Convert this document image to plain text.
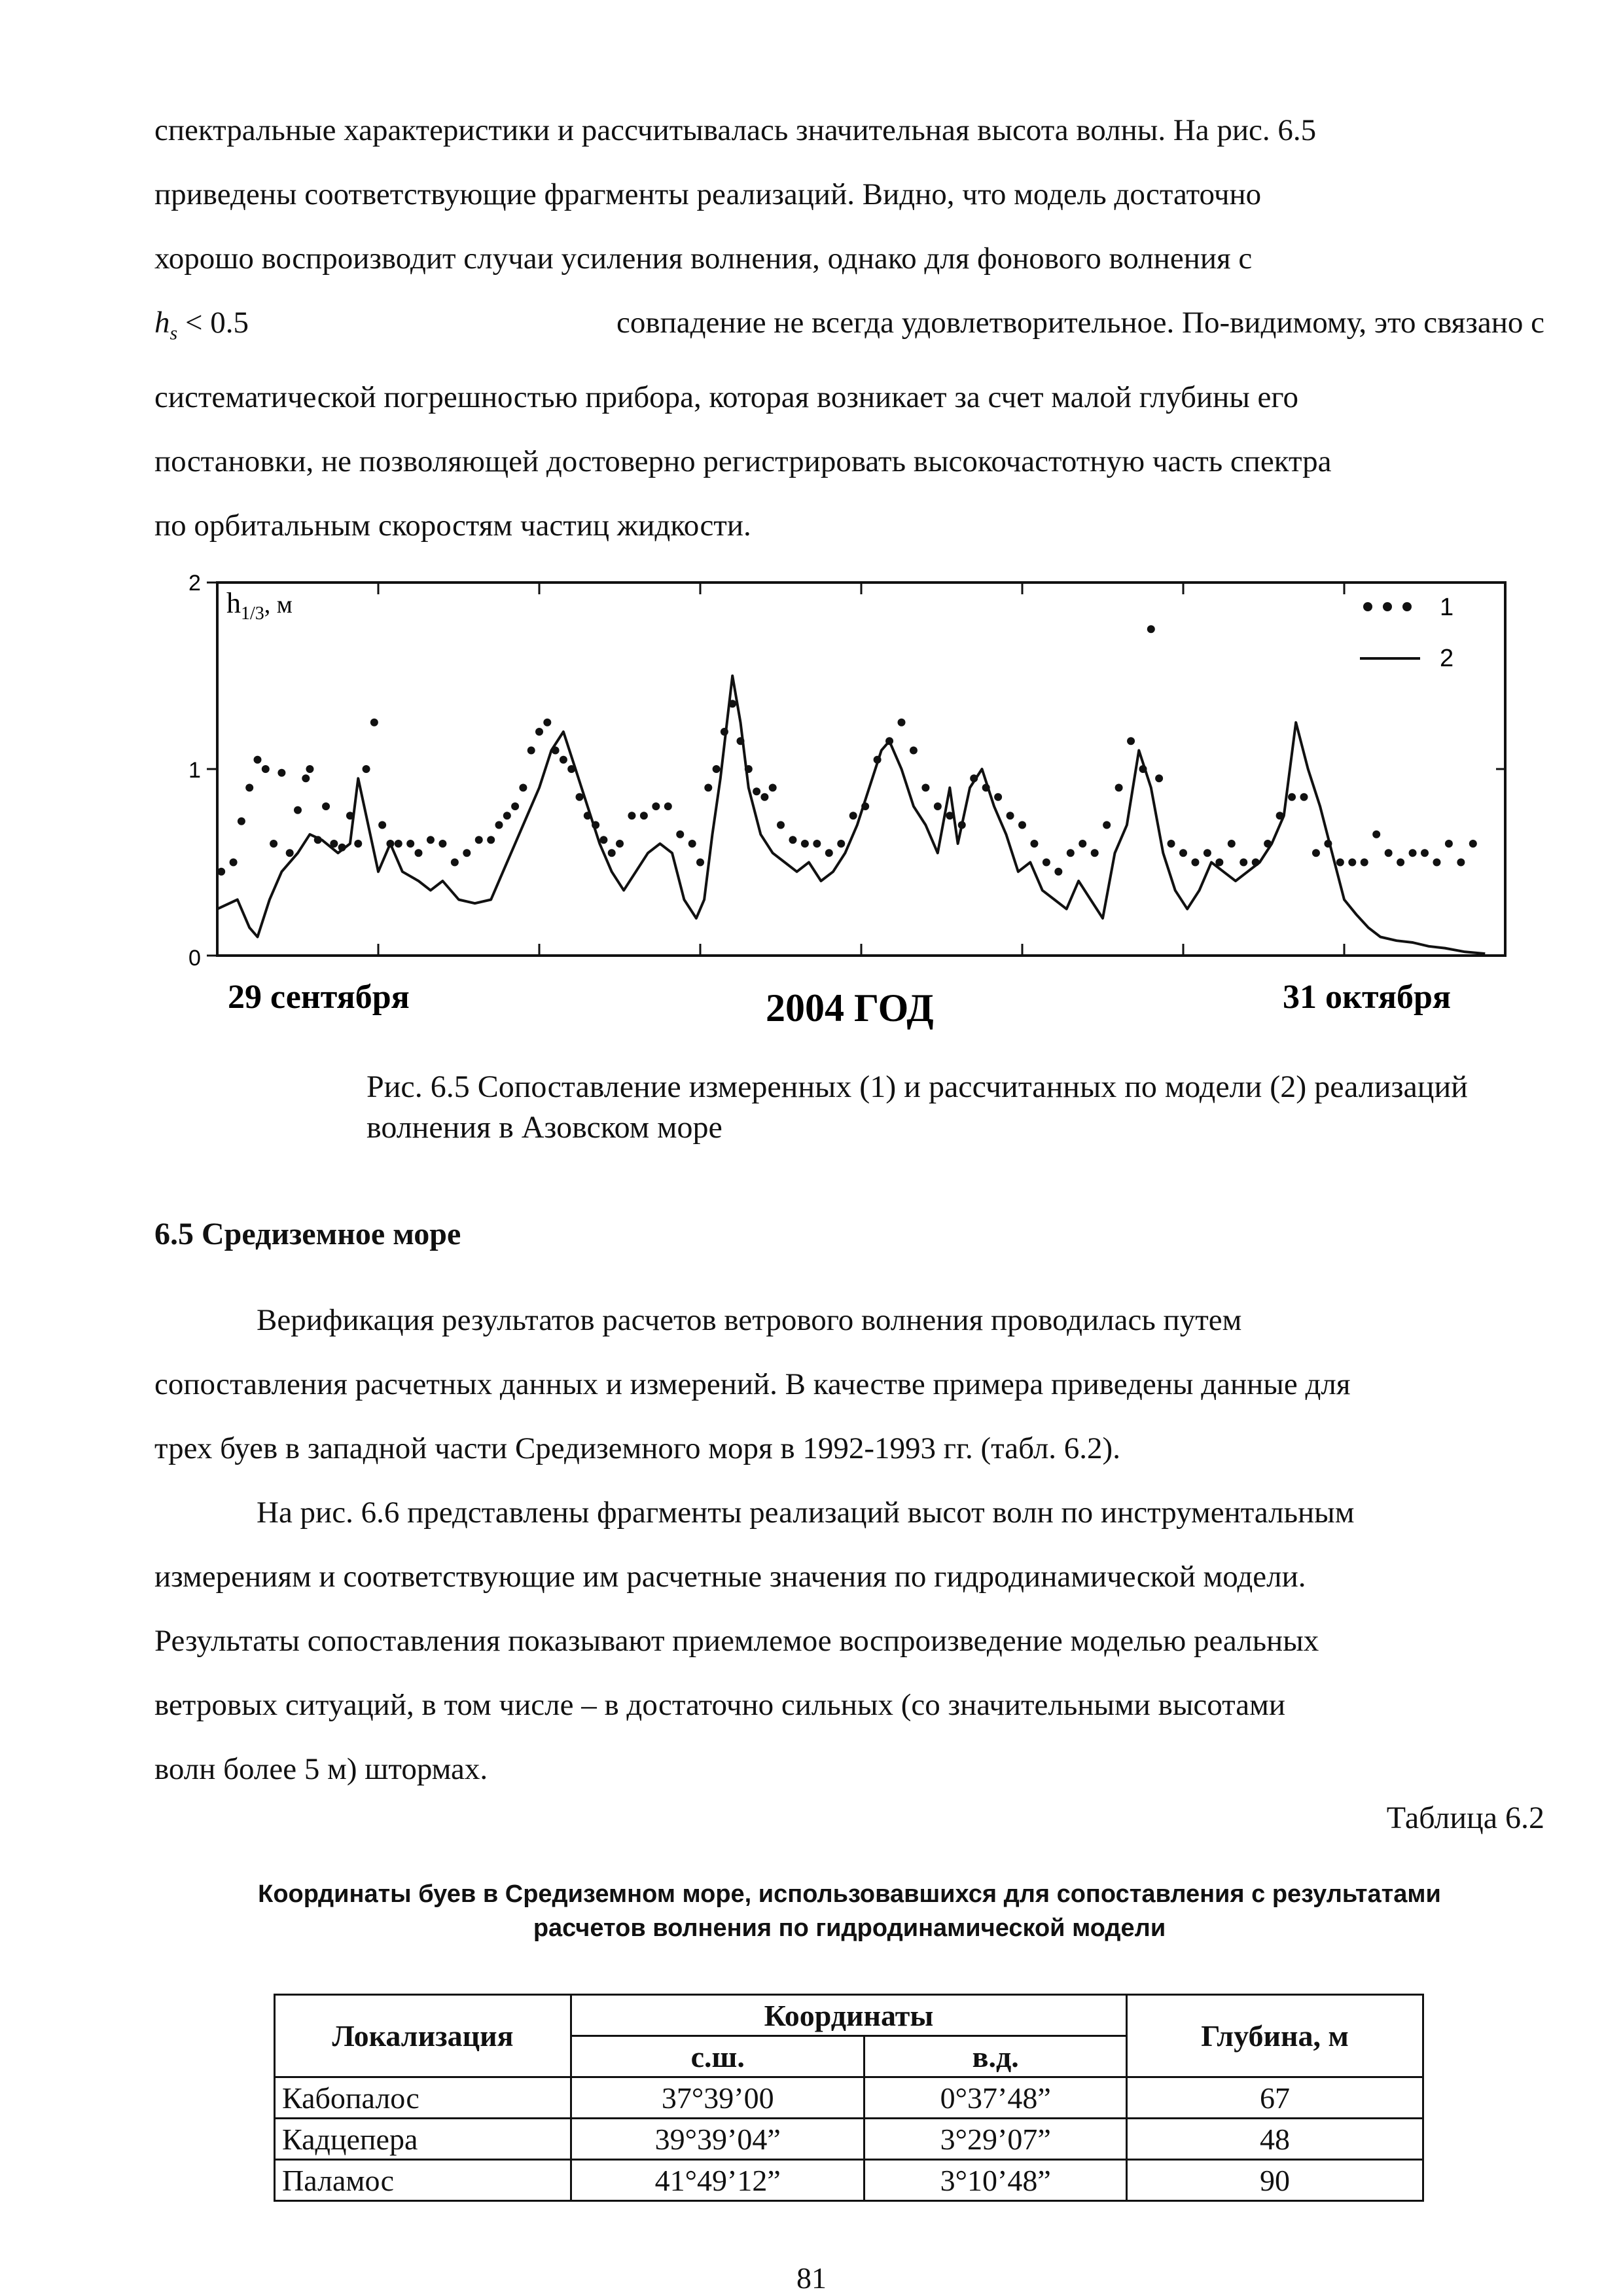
спектральные характеристики и рассчитывалась значительная высота волны. На рис. 6.5
приведены соответствующие фрагменты реализаций. Видно, что модель достаточно
хорошо воспроизводит случаи усиления волнения, однако для фонового волнения с
$h_s < 0.5$	совпадение не всегда удовлетворительное. По-видимому, это связано с
систематической погрешностью прибора, которая возникает за счет малой глубины его
постановки, не позволяющей достоверно регистрировать высокочастотную часть спектра
по орбитальным скоростям частиц жидкости.
2
1
0
$h_{1/3}$, м	1
2
29 сентября	2004 ГОД	31 октября
Рис. 6.5 Сопоставление измеренных (1) и рассчитанных по модели (2) реализаций
волнения в Азовском море
6.5 Средиземное море
Верификация результатов расчетов ветрового волнения проводилась путем
сопоставления расчетных данных и измерений. В качестве примера приведены данные для
трех буев в западной части Средиземного моря в 1992-1993 гг. (табл. 6.2).
На рис. 6.6 представлены фрагменты реализаций высот волн по инструментальным
измерениям и соответствующие им расчетные значения по гидродинамической модели.
Результаты сопоставления показывают приемлемое воспроизведение моделью реальных
ветровых ситуаций, в том числе – в достаточно сильных (со значительными высотами
волн более 5 м) штормах.
Таблица 6.2
Координаты буев в Средиземном море, использовавшихся для сопоставления с результатами
расчетов волнения по гидродинамической модели
Локализация	Координаты		Глубина, м
	с.ш.	в.д.	
Кабопалос	37°39’00	0°37’48”	67
Кадцепера	39°39’04”	3°29’07”	48
Паламос	41°49’12”	3°10’48”	90
81
